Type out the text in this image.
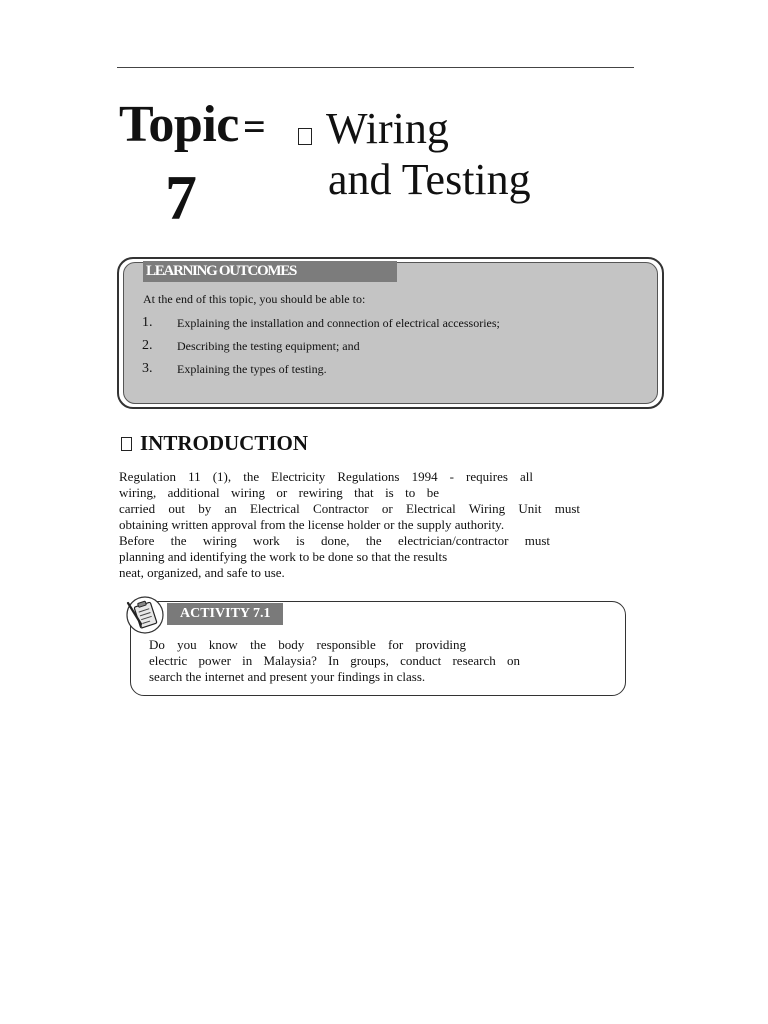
Topic =
7
Wiring
and Testing
LEARNING OUTCOMES
At the end of this topic, you should be able to:
1. Explaining the installation and connection of electrical accessories;
2. Describing the testing equipment; and
3. Explaining the types of testing.
INTRODUCTION
Regulation 11 (1), the Electricity Regulations 1994 - requires all
wiring, additional wiring or rewiring that is to be
carried out by an Electrical Contractor or Electrical Wiring Unit must
obtaining written approval from the license holder or the supply authority.
Before the wiring work is done, the electrician/contractor must
planning and identifying the work to be done so that the results
neat, organized, and safe to use.
ACTIVITY 7.1
Do you know the body responsible for providing
electric power in Malaysia? In groups, conduct research on
search the internet and present your findings in class.
